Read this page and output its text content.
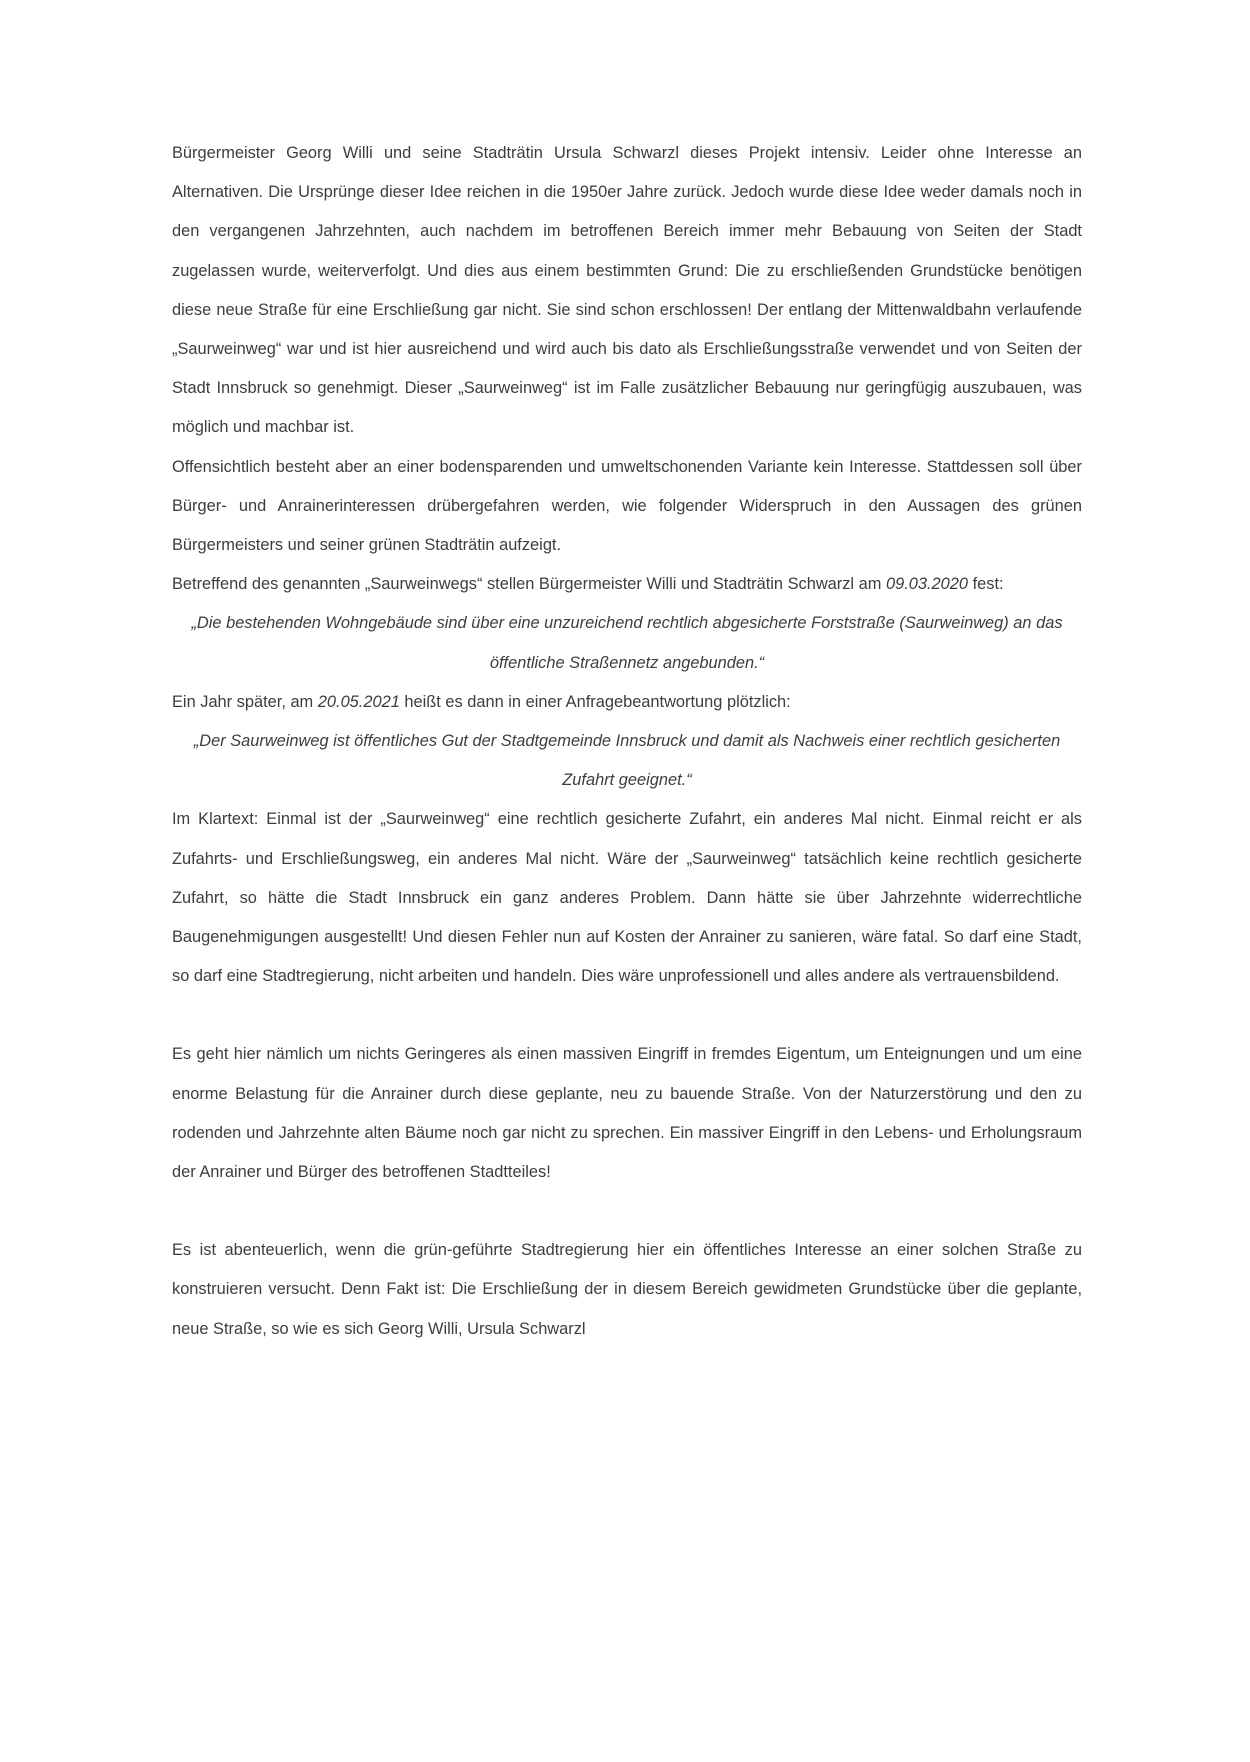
Bürgermeister Georg Willi und seine Stadträtin Ursula Schwarzl dieses Projekt intensiv. Leider ohne Interesse an Alternativen. Die Ursprünge dieser Idee reichen in die 1950er Jahre zurück. Jedoch wurde diese Idee weder damals noch in den vergangenen Jahrzehnten, auch nachdem im betroffenen Bereich immer mehr Bebauung von Seiten der Stadt zugelassen wurde, weiterverfolgt. Und dies aus einem bestimmten Grund: Die zu erschließenden Grundstücke benötigen diese neue Straße für eine Erschließung gar nicht. Sie sind schon erschlossen! Der entlang der Mittenwaldbahn verlaufende „Saurweinweg“ war und ist hier ausreichend und wird auch bis dato als Erschließungsstraße verwendet und von Seiten der Stadt Innsbruck so genehmigt. Dieser „Saurweinweg“ ist im Falle zusätzlicher Bebauung nur geringfügig auszubauen, was möglich und machbar ist.

Offensichtlich besteht aber an einer bodensparenden und umweltschonenden Variante kein Interesse. Stattdessen soll über Bürger- und Anrainerinteressen drübergefahren werden, wie folgender Widerspruch in den Aussagen des grünen Bürgermeisters und seiner grünen Stadträtin aufzeigt.

Betreffend des genannten „Saurweinwegs“ stellen Bürgermeister Willi und Stadträtin Schwarzl am 09.03.2020 fest:

„Die bestehenden Wohngebäude sind über eine unzureichend rechtlich abgesicherte Forststraße (Saurweinweg) an das öffentliche Straßennetz angebunden.“

Ein Jahr später, am 20.05.2021 heißt es dann in einer Anfragebeantwortung plötzlich:

„Der Saurweinweg ist öffentliches Gut der Stadtgemeinde Innsbruck und damit als Nachweis einer rechtlich gesicherten Zufahrt geeignet.“

Im Klartext: Einmal ist der „Saurweinweg“ eine rechtlich gesicherte Zufahrt, ein anderes Mal nicht. Einmal reicht er als Zufahrts- und Erschließungsweg, ein anderes Mal nicht. Wäre der „Saurweinweg“ tatsächlich keine rechtlich gesicherte Zufahrt, so hätte die Stadt Innsbruck ein ganz anderes Problem. Dann hätte sie über Jahrzehnte widerrechtliche Baugenehmigungen ausgestellt! Und diesen Fehler nun auf Kosten der Anrainer zu sanieren, wäre fatal. So darf eine Stadt, so darf eine Stadtregierung, nicht arbeiten und handeln. Dies wäre unprofessionell und alles andere als vertrauensbildend.

Es geht hier nämlich um nichts Geringeres als einen massiven Eingriff in fremdes Eigentum, um Enteignungen und um eine enorme Belastung für die Anrainer durch diese geplante, neu zu bauende Straße. Von der Naturzerstörung und den zu rodenden und Jahrzehnte alten Bäume noch gar nicht zu sprechen. Ein massiver Eingriff in den Lebens- und Erholungsraum der Anrainer und Bürger des betroffenen Stadtteiles!

Es ist abenteuerlich, wenn die grün-geführte Stadtregierung hier ein öffentliches Interesse an einer solchen Straße zu konstruieren versucht. Denn Fakt ist: Die Erschließung der in diesem Bereich gewidmeten Grundstücke über die geplante, neue Straße, so wie es sich Georg Willi, Ursula Schwarzl
